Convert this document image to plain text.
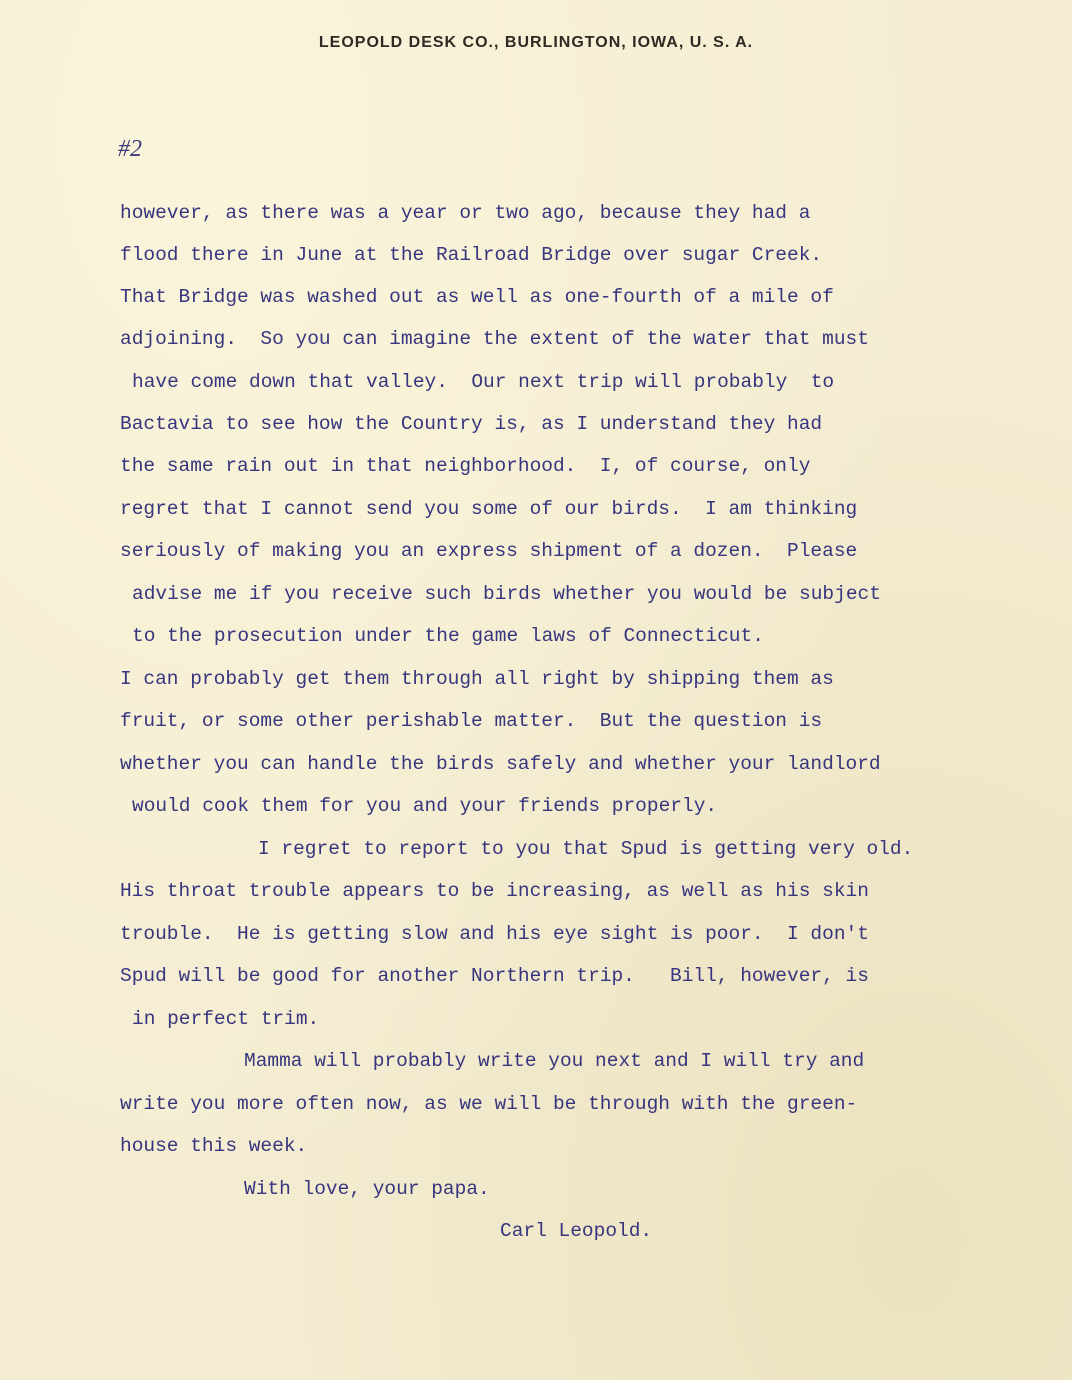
LEOPOLD DESK CO., BURLINGTON, IOWA, U. S. A.
#2
however, as there was a year or two ago, because they had a
flood there in June at the Railroad Bridge over sugar Creek.
That Bridge was washed out as well as one-fourth of a mile of
adjoining.  So you can imagine the extent of the water that must
have come down that valley.  Our next trip will probably  to
Bactavia to see how the Country is, as I understand they had
the same rain out in that neighborhood.  I, of course, only
regret that I cannot send you some of our birds.  I am thinking
seriously of making you an express shipment of a dozen.  Please
advise me if you receive such birds whether you would be subject
to the prosecution under the game laws of Connecticut.
I can probably get them through all right by shipping them as
fruit, or some other perishable matter.  But the question is
whether you can handle the birds safely and whether your landlord
would cook them for you and your friends properly.
I regret to report to you that Spud is getting very old.
His throat trouble appears to be increasing, as well as his skin
trouble.  He is getting slow and his eye sight is poor.  I don't
Spud will be good for another Northern trip.   Bill, however, is
in perfect trim.
Mamma will probably write you next and I will try and
write you more often now, as we will be through with the green-
house this week.
With love, your papa.
Carl Leopold.
